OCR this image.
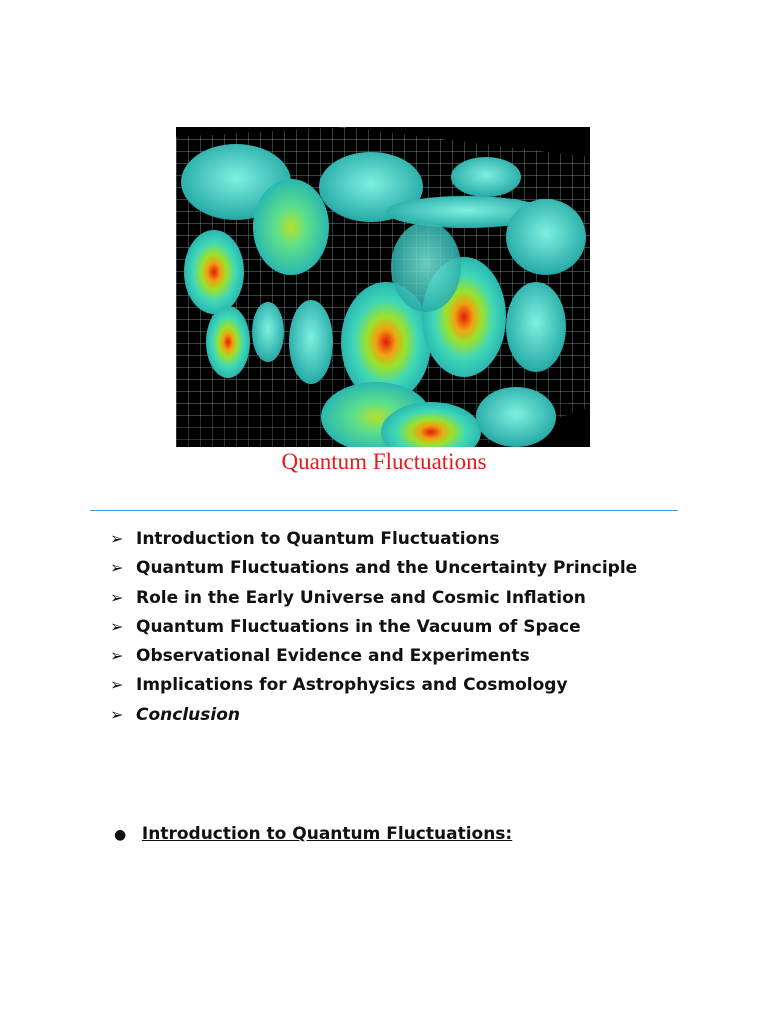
Quantum Fluctuations
➢ Introduction to Quantum Fluctuations
➢ Quantum Fluctuations and the Uncertainty Principle
➢ Role in the Early Universe and Cosmic Inflation
➢ Quantum Fluctuations in the Vacuum of Space
➢ Observational Evidence and Experiments
➢ Implications for Astrophysics and Cosmology
➢ Conclusion
● Introduction to Quantum Fluctuations:
